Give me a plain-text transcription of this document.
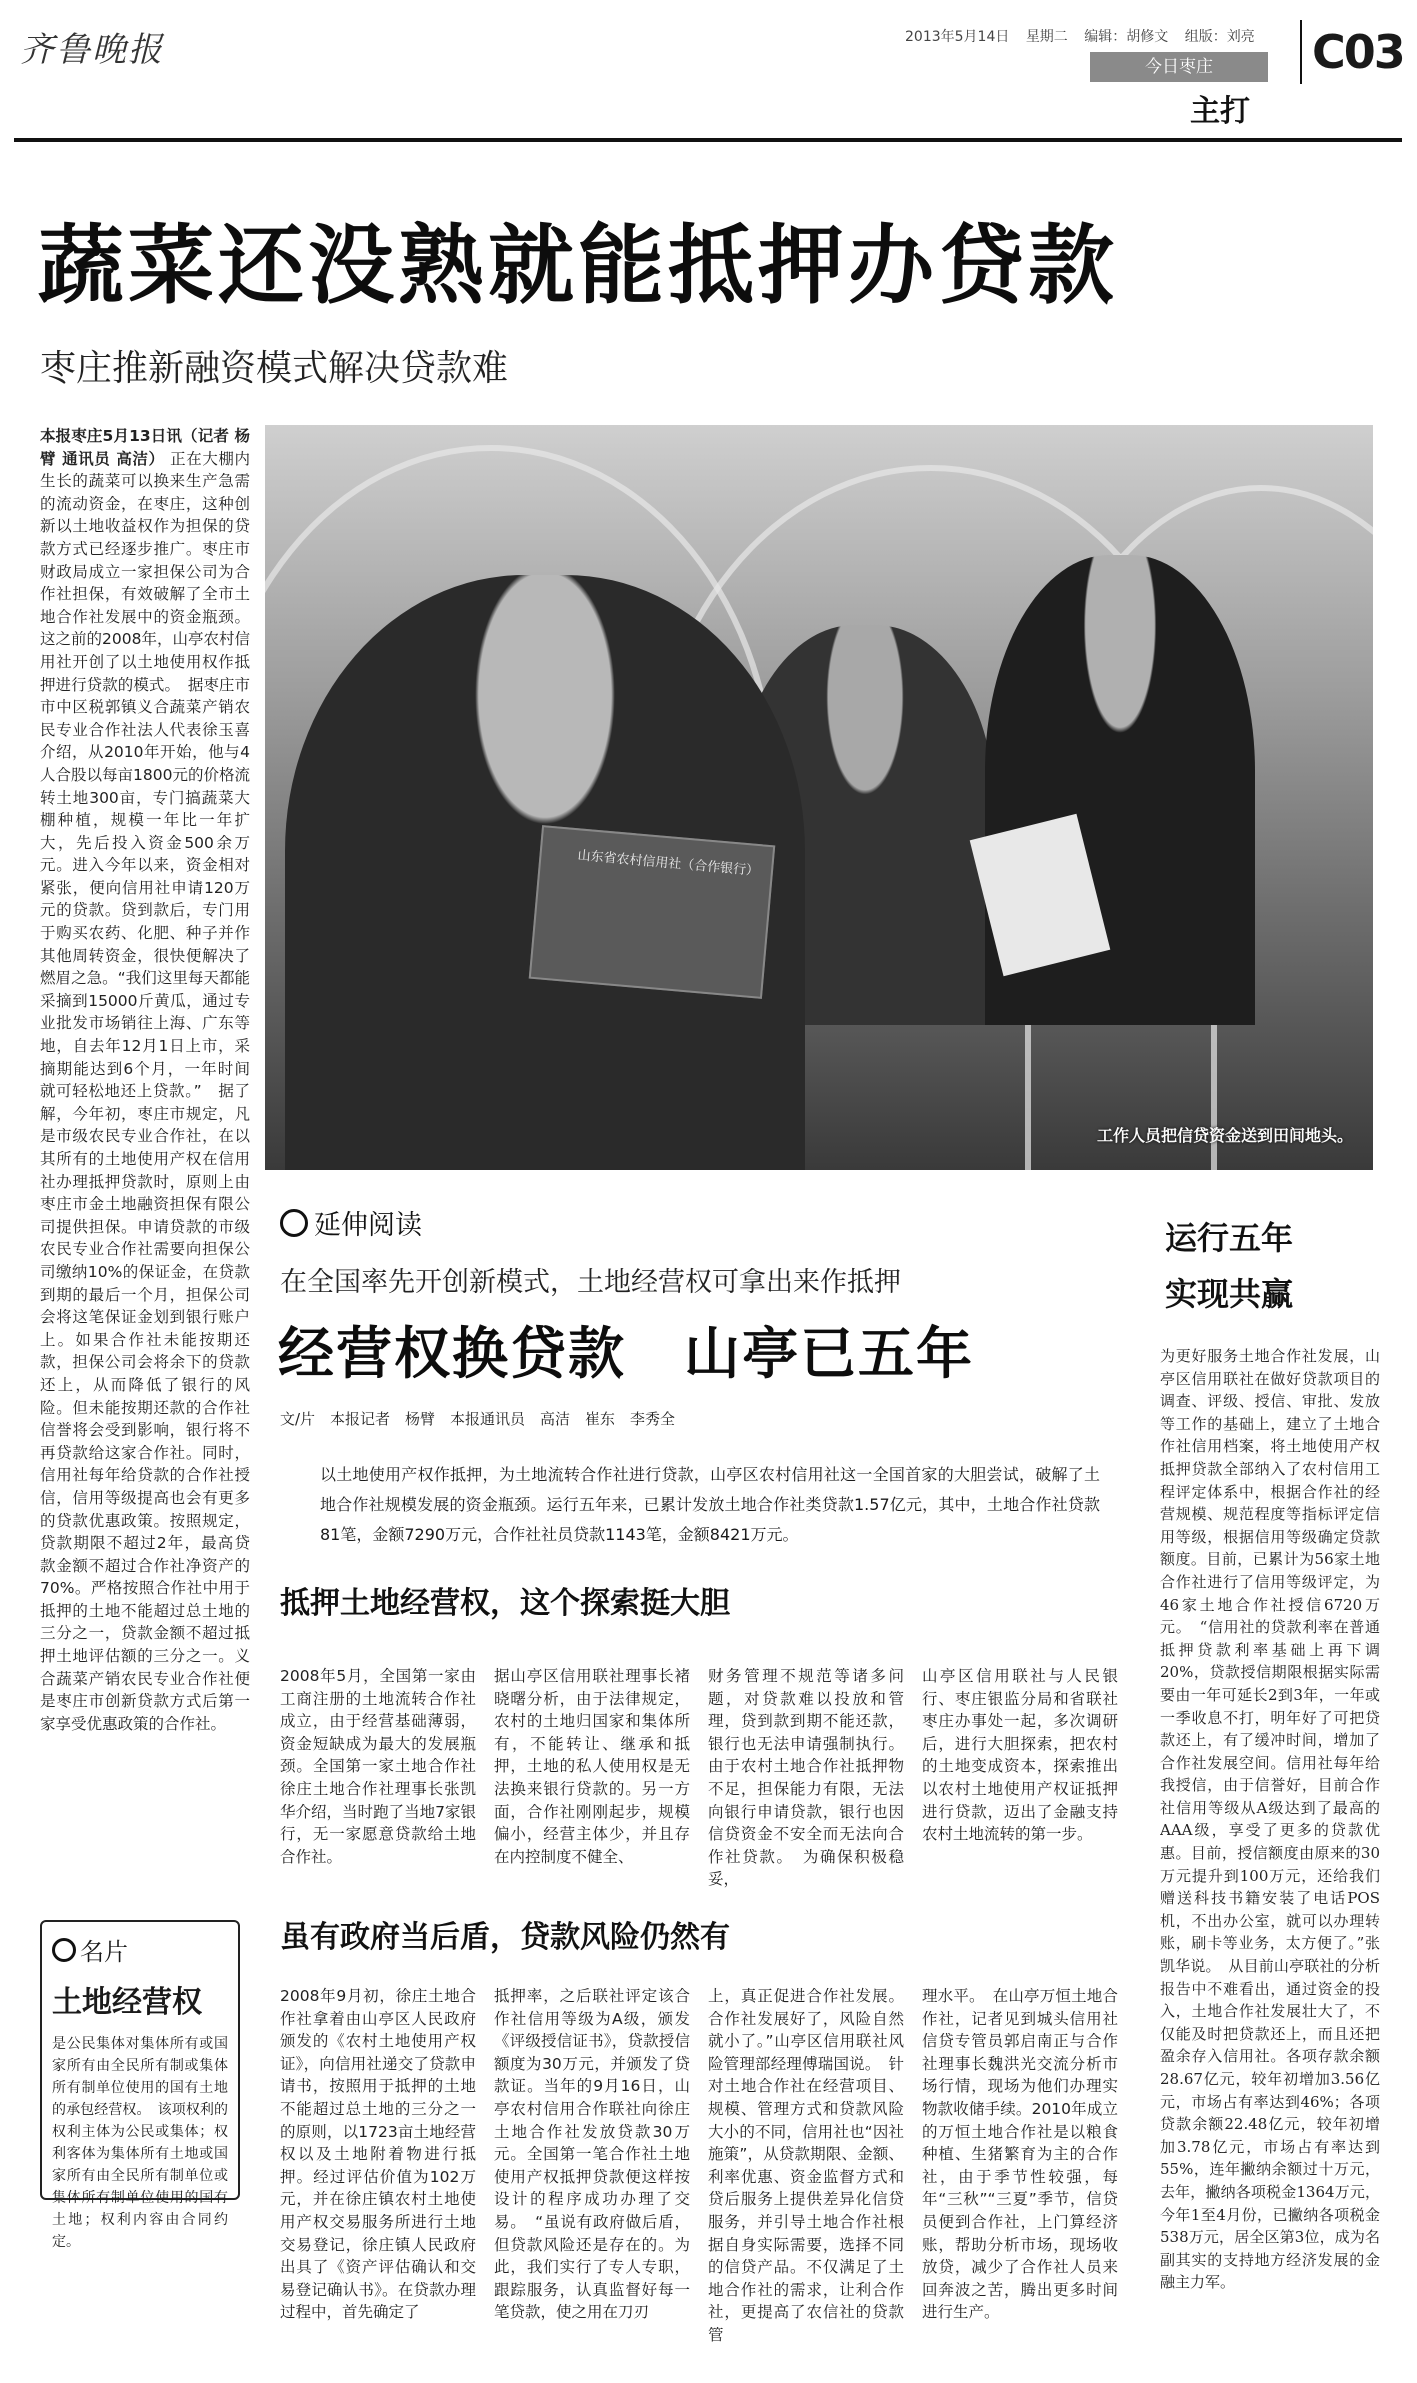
齐鲁晚报	2013年5月14日 星期二 编辑：胡修文 组版：刘亮
今日枣庄
主打
C03
蔬菜还没熟就能抵押办贷款
枣庄推新融资模式解决贷款难
本报枣庄5月13日讯（记者 杨臂 通讯员 高洁） 正在大棚内生长的蔬菜可以换来生产急需的流动资金，在枣庄，这种创新以土地收益权作为担保的贷款方式已经逐步推广。枣庄市财政局成立一家担保公司为合作社担保，有效破解了全市土地合作社发展中的资金瓶颈。这之前的2008年，山亭农村信用社开创了以土地使用权作抵押进行贷款的模式。　据枣庄市市中区税郭镇义合蔬菜产销农民专业合作社法人代表徐玉喜介绍，从2010年开始，他与4人合股以每亩1800元的价格流转土地300亩，专门搞蔬菜大棚种植，规模一年比一年扩大，先后投入资金500余万元。进入今年以来，资金相对紧张，便向信用社申请120万元的贷款。贷到款后，专门用于购买农药、化肥、种子并作其他周转资金，很快便解决了燃眉之急。“我们这里每天都能采摘到15000斤黄瓜，通过专业批发市场销往上海、广东等地，自去年12月1日上市，采摘期能达到6个月，一年时间就可轻松地还上贷款。”　据了解，今年初，枣庄市规定，凡是市级农民专业合作社，在以其所有的土地使用产权在信用社办理抵押贷款时，原则上由枣庄市金土地融资担保有限公司提供担保。申请贷款的市级农民专业合作社需要向担保公司缴纳10%的保证金，在贷款到期的最后一个月，担保公司会将这笔保证金划到银行账户上。如果合作社未能按期还款，担保公司会将余下的贷款还上，从而降低了银行的风险。但未能按期还款的合作社信誉将会受到影响，银行将不再贷款给这家合作社。同时，信用社每年给贷款的合作社授信，信用等级提高也会有更多的贷款优惠政策。按照规定，贷款期限不超过2年，最高贷款金额不超过合作社净资产的70%。严格按照合作社中用于抵押的土地不能超过总土地的三分之一，贷款金额不超过抵押土地评估额的三分之一。义合蔬菜产销农民专业合作社便是枣庄市创新贷款方式后第一家享受优惠政策的合作社。
山东省农村信用社（合作银行）
工作人员把信贷资金送到田间地头。
延伸阅读
在全国率先开创新模式，土地经营权可拿出来作抵押
经营权换贷款　山亭已五年
文/片　本报记者　杨臂　本报通讯员　高洁　崔东　李秀全
以土地使用产权作抵押，为土地流转合作社进行贷款，山亭区农村信用社这一全国首家的大胆尝试，破解了土地合作社规模发展的资金瓶颈。运行五年来，已累计发放土地合作社类贷款1.57亿元，其中，土地合作社贷款81笔，金额7290万元，合作社社员贷款1143笔，金额8421万元。
抵押土地经营权，这个探索挺大胆
2008年5月，全国第一家由工商注册的土地流转合作社成立，由于经营基础薄弱，资金短缺成为最大的发展瓶颈。全国第一家土地合作社徐庄土地合作社理事长张凯华介绍，当时跑了当地7家银行，无一家愿意贷款给土地合作社。
据山亭区信用联社理事长褚晓曙分析，由于法律规定，农村的土地归国家和集体所有，不能转让、继承和抵押，土地的私人使用权是无法换来银行贷款的。另一方面，合作社刚刚起步，规模偏小，经营主体少，并且存在内控制度不健全、
财务管理不规范等诸多问题，对贷款难以投放和管理，贷到款到期不能还款，银行也无法申请强制执行。由于农村土地合作社抵押物不足，担保能力有限，无法向银行申请贷款，银行也因信贷资金不安全而无法向合作社贷款。　为确保积极稳妥，
山亭区信用联社与人民银行、枣庄银监分局和省联社枣庄办事处一起，多次调研后，进行大胆探索，把农村的土地变成资本，探索推出以农村土地使用产权证抵押进行贷款，迈出了金融支持农村土地流转的第一步。
虽有政府当后盾，贷款风险仍然有
2008年9月初，徐庄土地合作社拿着由山亭区人民政府颁发的《农村土地使用产权证》，向信用社递交了贷款申请书，按照用于抵押的土地不能超过总土地的三分之一的原则，以1723亩土地经营权以及土地附着物进行抵押。经过评估价值为102万元，并在徐庄镇农村土地使用产权交易服务所进行土地交易登记，徐庄镇人民政府出具了《资产评估确认和交易登记确认书》。在贷款办理过程中，首先确定了
抵押率，之后联社评定该合作社信用等级为A级，颁发《评级授信证书》，贷款授信额度为30万元，并颁发了贷款证。当年的9月16日，山亭农村信用合作联社向徐庄土地合作社发放贷款30万元。全国第一笔合作社土地使用产权抵押贷款便这样按设计的程序成功办理了交易。　“虽说有政府做后盾，但贷款风险还是存在的。为此，我们实行了专人专职，跟踪服务，认真监督好每一笔贷款，使之用在刀刃
上，真正促进合作社发展。合作社发展好了，风险自然就小了。”山亭区信用联社风险管理部经理傅瑞国说。　针对土地合作社在经营项目、规模、管理方式和贷款风险大小的不同，信用社也“因社施策”，从贷款期限、金额、利率优惠、资金监督方式和贷后服务上提供差异化信贷服务，并引导土地合作社根据自身实际需要，选择不同的信贷产品。不仅满足了土地合作社的需求，让利合作社，更提高了农信社的贷款管
理水平。　在山亭万恒土地合作社，记者见到城头信用社信贷专管员郭启南正与合作社理事长魏洪光交流分析市场行情，现场为他们办理实物款收储手续。2010年成立的万恒土地合作社是以粮食种植、生猪繁育为主的合作社，由于季节性较强，每年“三秋”“三夏”季节，信贷员便到合作社，上门算经济账，帮助分析市场，现场收放贷，减少了合作社人员来回奔波之苦，腾出更多时间进行生产。
运行五年
实现共赢
为更好服务土地合作社发展，山亭区信用联社在做好贷款项目的调查、评级、授信、审批、发放等工作的基础上，建立了土地合作社信用档案，将土地使用产权抵押贷款全部纳入了农村信用工程评定体系中，根据合作社的经营规模、规范程度等指标评定信用等级，根据信用等级确定贷款额度。目前，已累计为56家土地合作社进行了信用等级评定，为46家土地合作社授信6720万元。　“信用社的贷款利率在普通抵押贷款利率基础上再下调20%，贷款授信期限根据实际需要由一年可延长2到3年，一年或一季收息不打，明年好了可把贷款还上，有了缓冲时间，增加了合作社发展空间。信用社每年给我授信，由于信誉好，目前合作社信用等级从A级达到了最高的AAA级，享受了更多的贷款优惠。目前，授信额度由原来的30万元提升到100万元，还给我们赠送科技书籍安装了电话POS机，不出办公室，就可以办理转账，刷卡等业务，太方便了。”张凯华说。　从目前山亭联社的分析报告中不难看出，通过资金的投入，土地合作社发展壮大了，不仅能及时把贷款还上，而且还把盈余存入信用社。各项存款余额28.67亿元，较年初增加3.56亿元，市场占有率达到46%；各项贷款余额22.48亿元，较年初增加3.78亿元，市场占有率达到55%，连年撇纳余额过十万元，去年，撇纳各项税金1364万元，今年1至4月份，已撇纳各项税金538万元，居全区第3位，成为名副其实的支持地方经济发展的金融主力军。
名片
土地经营权
是公民集体对集体所有或国家所有由全民所有制或集体所有制单位使用的国有土地的承包经营权。　该项权利的权利主体为公民或集体；权利客体为集体所有土地或国家所有由全民所有制单位或集体所有制单位使用的国有土地；权利内容由合同约定。
